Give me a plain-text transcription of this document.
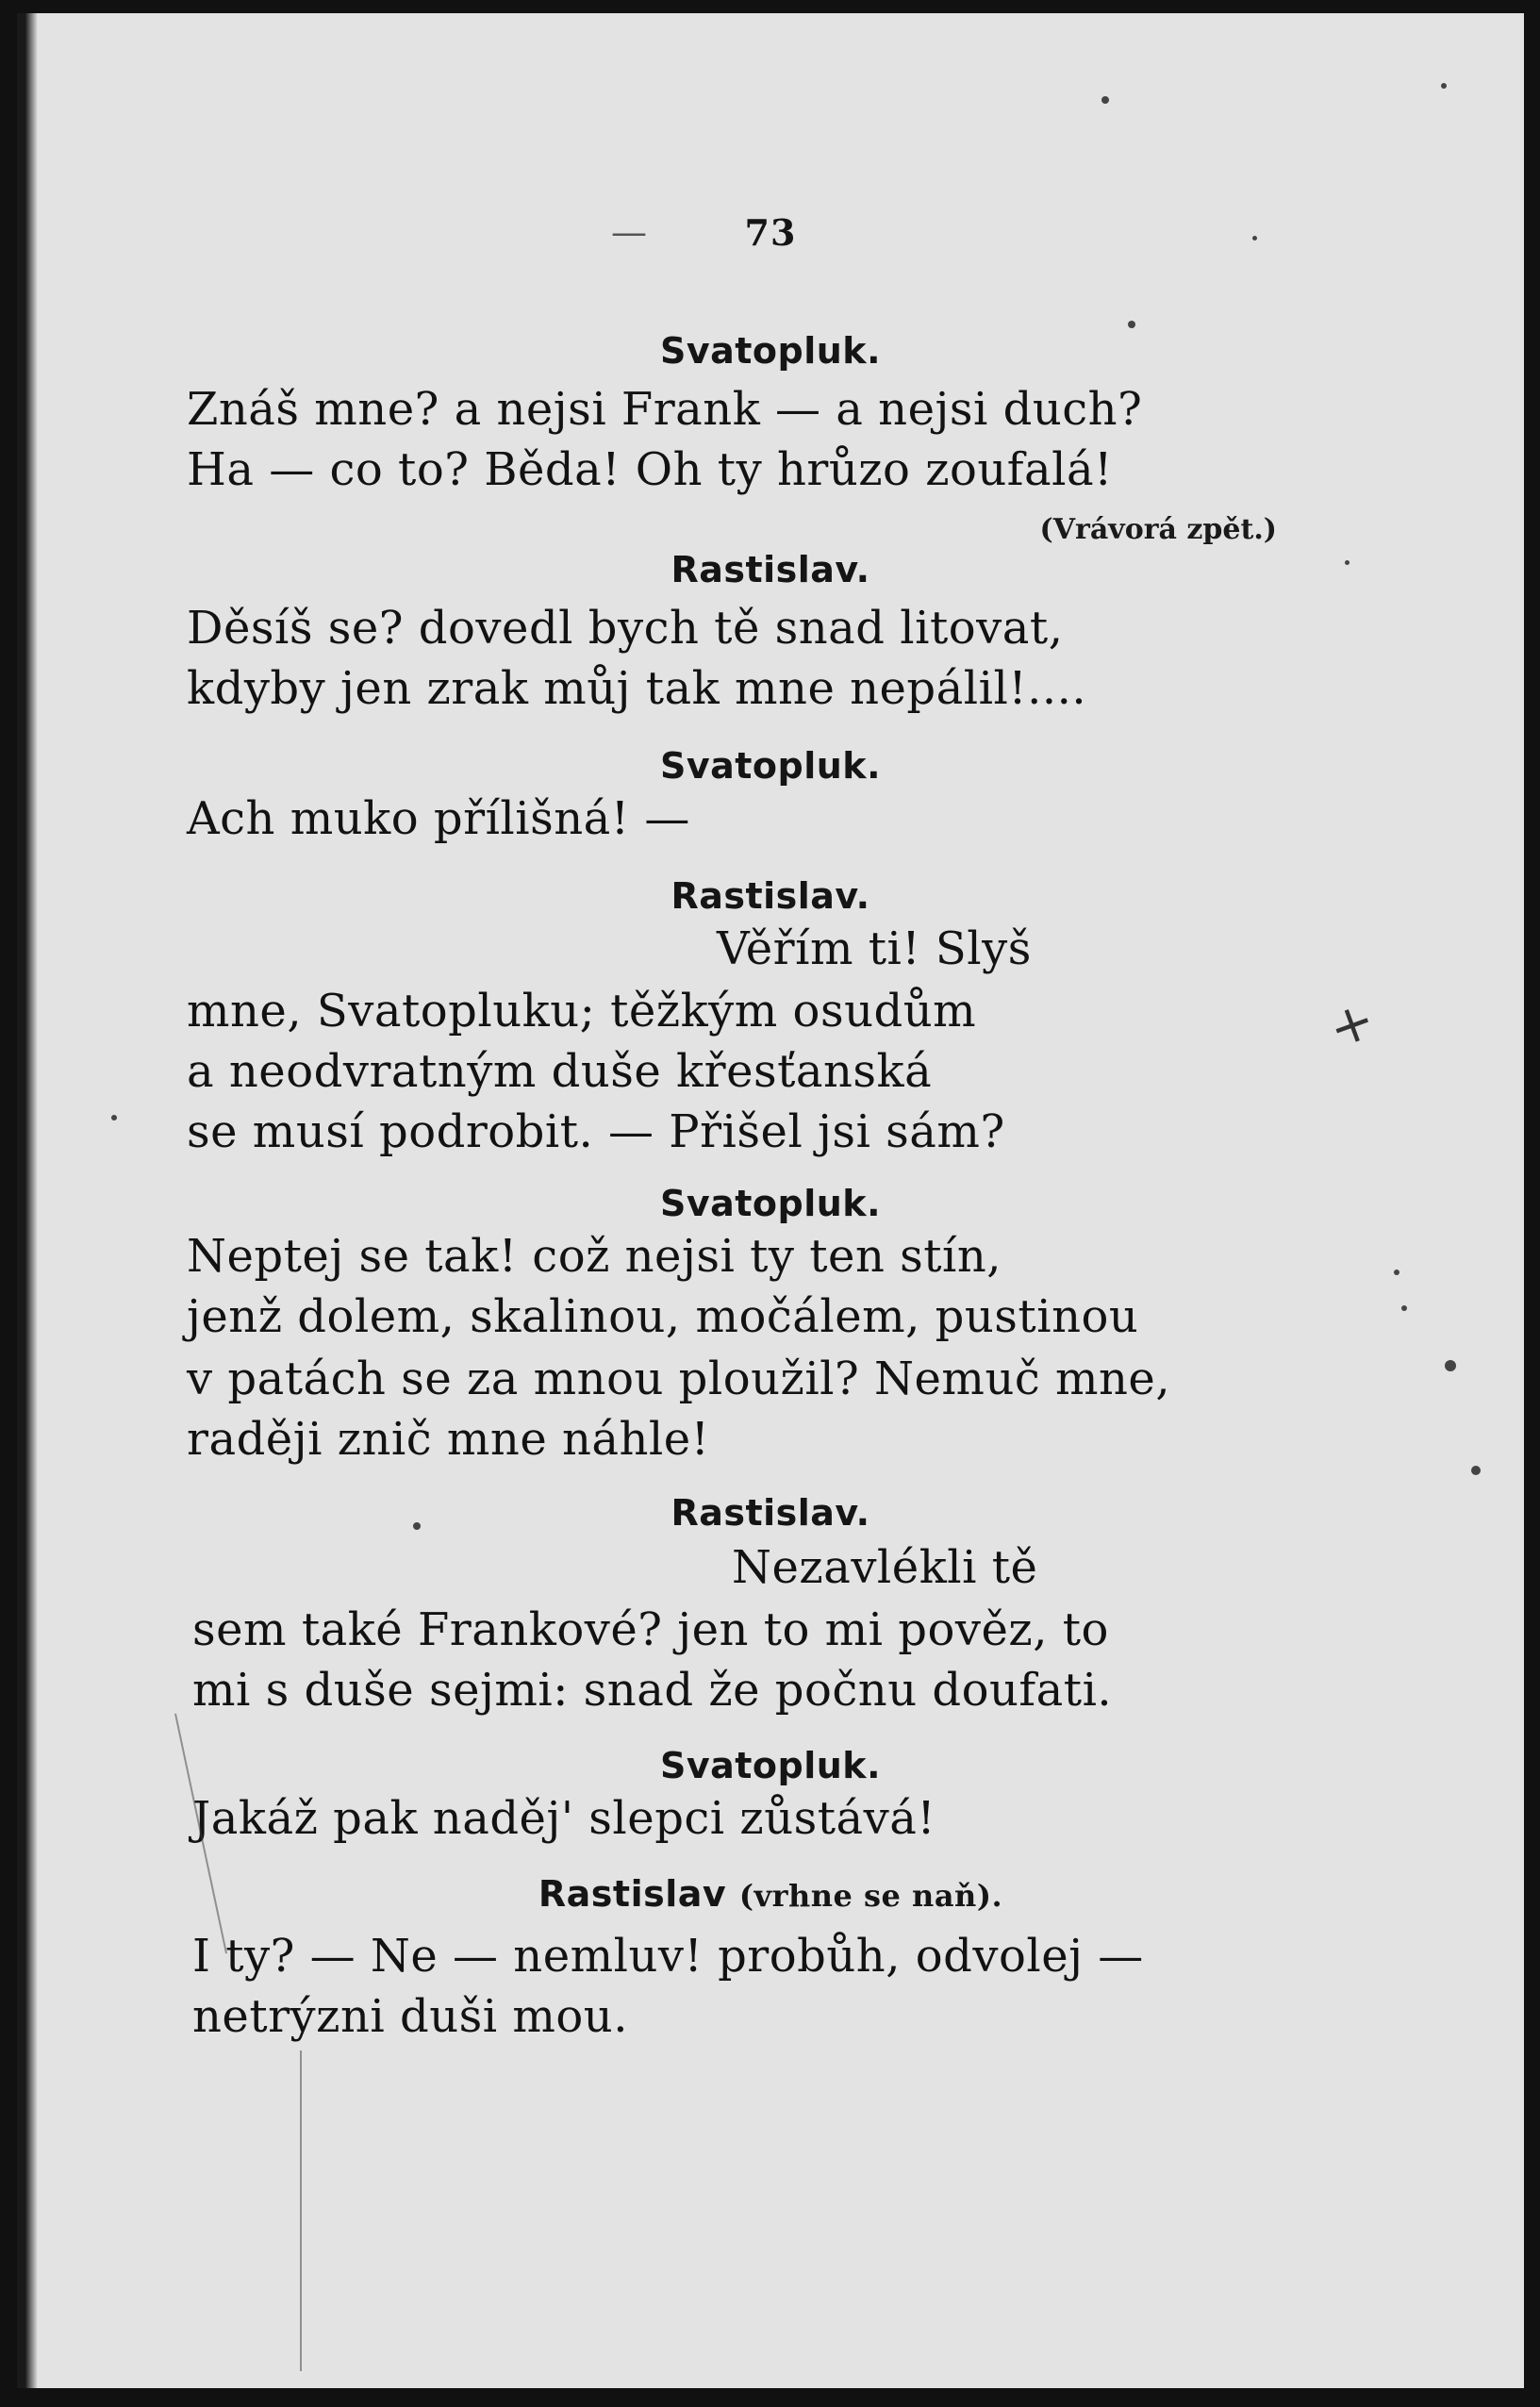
—	73
Svatopluk.
Znáš mne? a nejsi Frank — a nejsi duch?
Ha — co to? Běda! Oh ty hrůzo zoufalá!
(Vrávorá zpět.)
Rastislav.
Děsíš se? dovedl bych tě snad litovat,
kdyby jen zrak můj tak mne nepálil!....
Svatopluk.
Ach muko přílišná! —
Rastislav.
Věřím ti! Slyš
mne, Svatopluku; těžkým osudům
a neodvratným duše křesťanská
se musí podrobit. — Přišel jsi sám?
Svatopluk.
Neptej se tak! což nejsi ty ten stín,
jenž dolem, skalinou, močálem, pustinou
v patách se za mnou ploužil? Nemuč mne,
raději znič mne náhle!
Rastislav.
Nezavlékli tě
sem také Frankové? jen to mi pověz, to
mi s duše sejmi: snad že počnu doufati.
Svatopluk.
Jakáž pak naděj' slepci zůstává!
Rastislav (vrhne se naň).
I ty? — Ne — nemluv! probůh, odvolej —
netrýzni duši mou.
+
